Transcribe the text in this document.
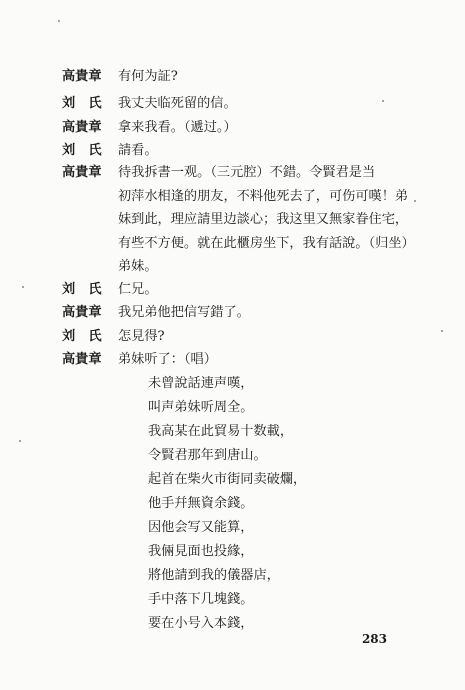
高貴章 有何为証?
刘　氏 我丈夫临死留的信。
高貴章 拿来我看。（遞过。）
刘　氏 請看。
高貴章 待我拆書一观。（三元腔）不錯。令賢君是当
初萍水相逢的朋友，不料他死去了，可伤可嘆！弟
妹到此，理应請里边談心；我这里又無家眷住宅，
有些不方便。就在此櫃房坐下，我有話說。（归坐）
弟妹。
刘　氏 仁兄。
高貴章 我兄弟他把信写錯了。
刘　氏 怎見得?
高貴章 弟妹听了：（唱）
未曾說話連声嘆，
叫声弟妹听周全。
我高某在此貿易十数載，
令賢君那年到唐山。
起首在柴火市街同卖破爛，
他手幷無資余錢。
因他会写又能算，
我倆見面也投緣，
將他請到我的儀器店，
手中落下几塊錢。
要在小号入本錢，
283
